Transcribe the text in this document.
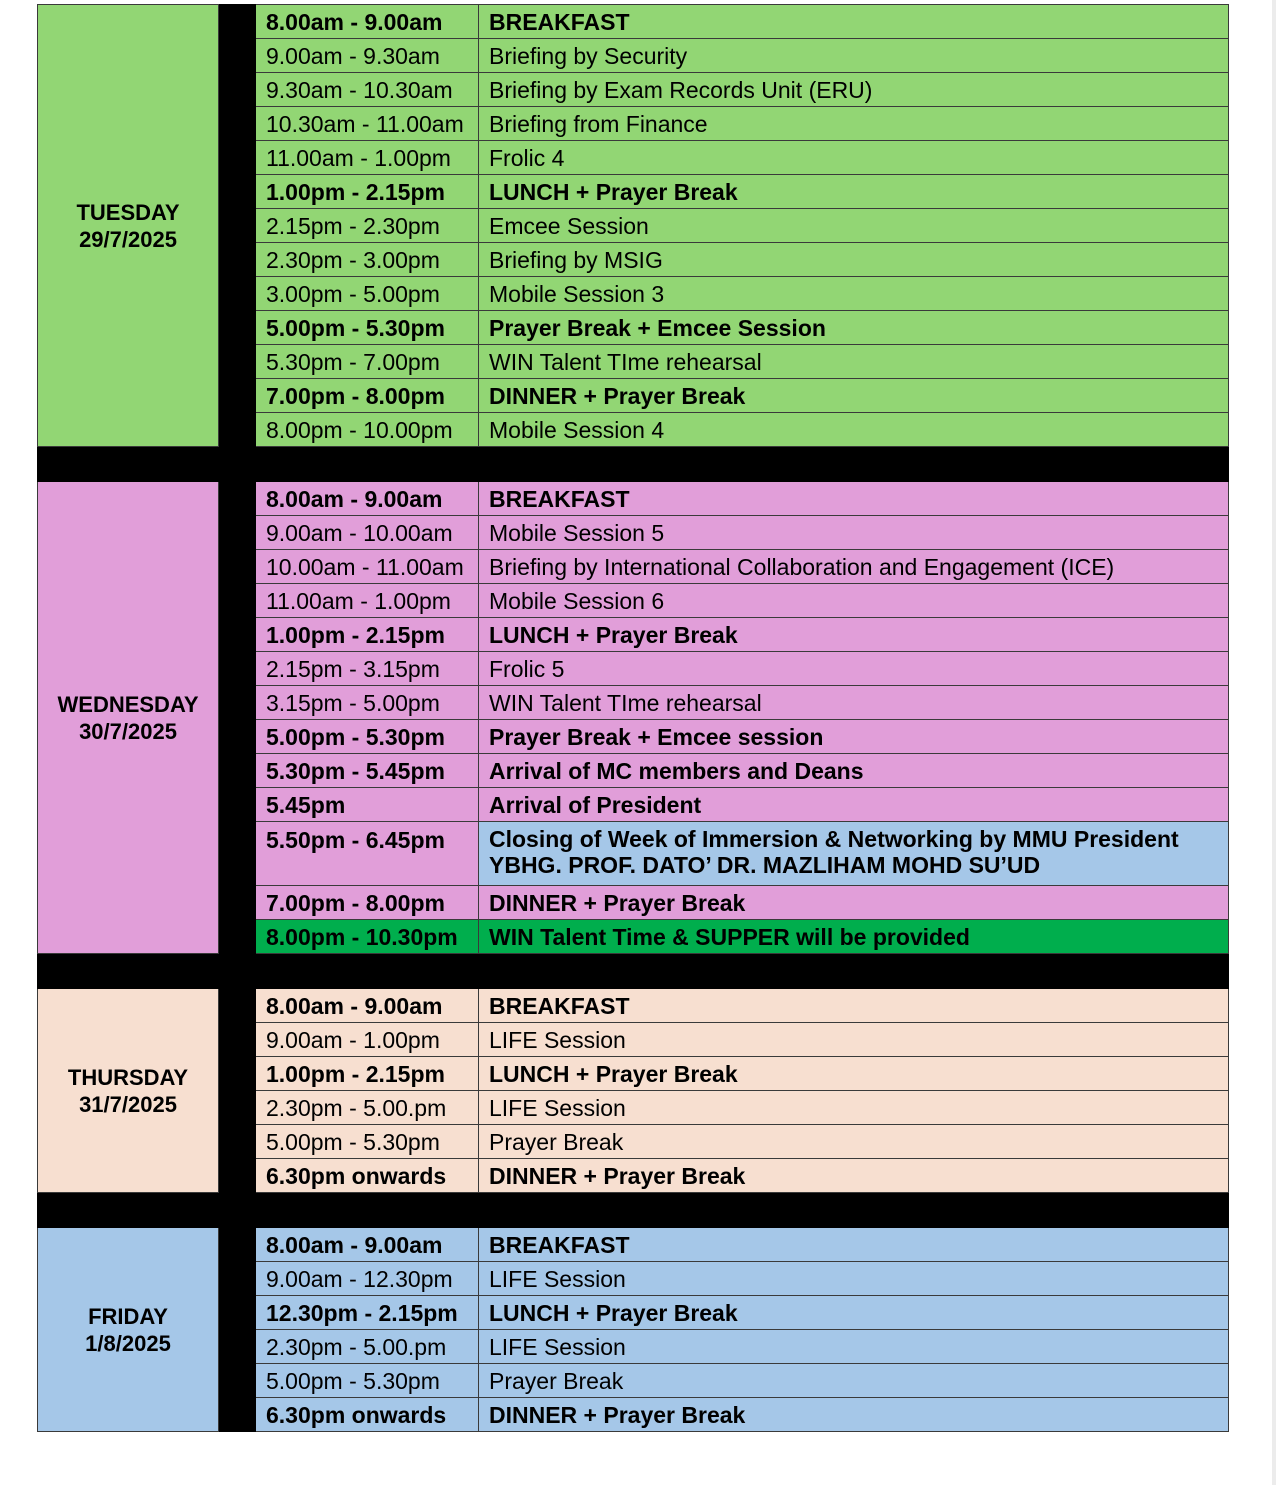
TUESDAY
29/7/2025		8.00am - 9.00am	BREAKFAST
		9.00am - 9.30am	Briefing by Security
		9.30am - 10.30am	Briefing by Exam Records Unit (ERU)
		10.30am - 11.00am	Briefing from Finance
		11.00am - 1.00pm	Frolic 4
		1.00pm - 2.15pm	LUNCH + Prayer Break
		2.15pm - 2.30pm	Emcee Session
		2.30pm - 3.00pm	Briefing by MSIG
		3.00pm - 5.00pm	Mobile Session 3
		5.00pm - 5.30pm	Prayer Break + Emcee Session
		5.30pm - 7.00pm	WIN Talent TIme rehearsal
		7.00pm - 8.00pm	DINNER + Prayer Break
		8.00pm - 10.00pm	Mobile Session 4

WEDNESDAY
30/7/2025		8.00am - 9.00am	BREAKFAST
		9.00am - 10.00am	Mobile Session 5
		10.00am - 11.00am	Briefing by International Collaboration and Engagement (ICE)
		11.00am - 1.00pm	Mobile Session 6
		1.00pm - 2.15pm	LUNCH + Prayer Break
		2.15pm - 3.15pm	Frolic 5
		3.15pm - 5.00pm	WIN Talent TIme rehearsal
		5.00pm - 5.30pm	Prayer Break + Emcee session
		5.30pm - 5.45pm	Arrival of MC members and Deans
		5.45pm	Arrival of President
		5.50pm - 6.45pm	Closing of Week of Immersion & Networking by MMU President
YBHG. PROF. DATO’ DR. MAZLIHAM MOHD SU’UD

		7.00pm - 8.00pm	DINNER + Prayer Break
		8.00pm - 10.30pm	WIN Talent Time & SUPPER will be provided

THURSDAY
31/7/2025		8.00am - 9.00am	BREAKFAST
		9.00am - 1.00pm	LIFE Session
		1.00pm - 2.15pm	LUNCH + Prayer Break
		2.30pm - 5.00.pm	LIFE Session
		5.00pm - 5.30pm	Prayer Break
		6.30pm onwards	DINNER + Prayer Break

FRIDAY
1/8/2025		8.00am - 9.00am	BREAKFAST
		9.00am - 12.30pm	LIFE Session
		12.30pm - 2.15pm	LUNCH + Prayer Break
		2.30pm - 5.00.pm	LIFE Session
		5.00pm - 5.30pm	Prayer Break
		6.30pm onwards	DINNER + Prayer Break
